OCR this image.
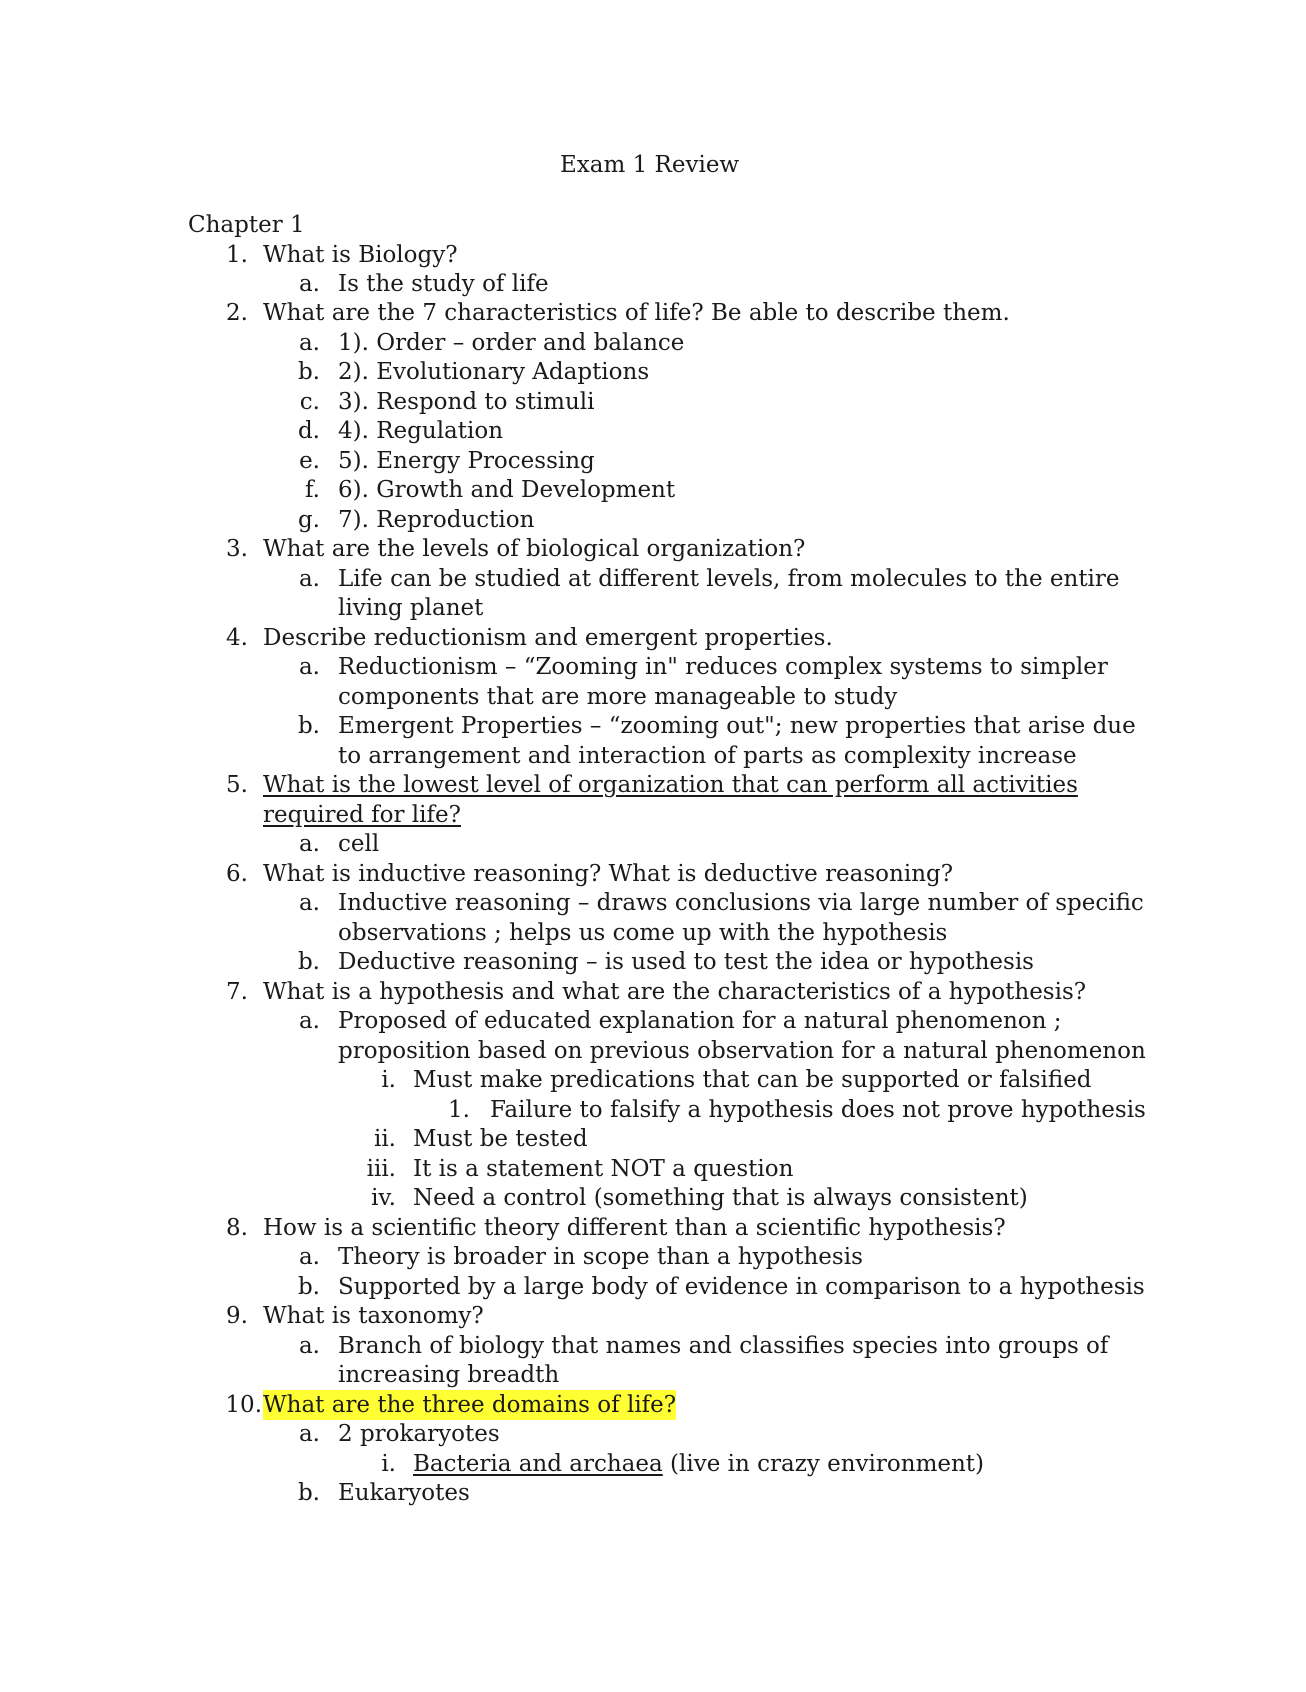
Exam 1 Review
Chapter 1
1. What is Biology?
a. Is the study of life
2. What are the 7 characteristics of life? Be able to describe them.
a. 1). Order – order and balance
b. 2). Evolutionary Adaptions
c. 3). Respond to stimuli
d. 4). Regulation
e. 5). Energy Processing
f. 6). Growth and Development
g. 7). Reproduction
3. What are the levels of biological organization?
a. Life can be studied at different levels, from molecules to the entire
living planet
4. Describe reductionism and emergent properties.
a. Reductionism – “Zooming in" reduces complex systems to simpler
components that are more manageable to study
b. Emergent Properties – “zooming out"; new properties that arise due
to arrangement and interaction of parts as complexity increase
5. What is the lowest level of organization that can perform all activities
required for life?
a. cell
6. What is inductive reasoning? What is deductive reasoning?
a. Inductive reasoning – draws conclusions via large number of specific
observations ; helps us come up with the hypothesis
b. Deductive reasoning – is used to test the idea or hypothesis
7. What is a hypothesis and what are the characteristics of a hypothesis?
a. Proposed of educated explanation for a natural phenomenon ;
proposition based on previous observation for a natural phenomenon
i. Must make predications that can be supported or falsified
1. Failure to falsify a hypothesis does not prove hypothesis
ii. Must be tested
iii. It is a statement NOT a question
iv. Need a control (something that is always consistent)
8. How is a scientific theory different than a scientific hypothesis?
a. Theory is broader in scope than a hypothesis
b. Supported by a large body of evidence in comparison to a hypothesis
9. What is taxonomy?
a. Branch of biology that names and classifies species into groups of
increasing breadth
10. What are the three domains of life?
a. 2 prokaryotes
i. Bacteria and archaea (live in crazy environment)
b. Eukaryotes
